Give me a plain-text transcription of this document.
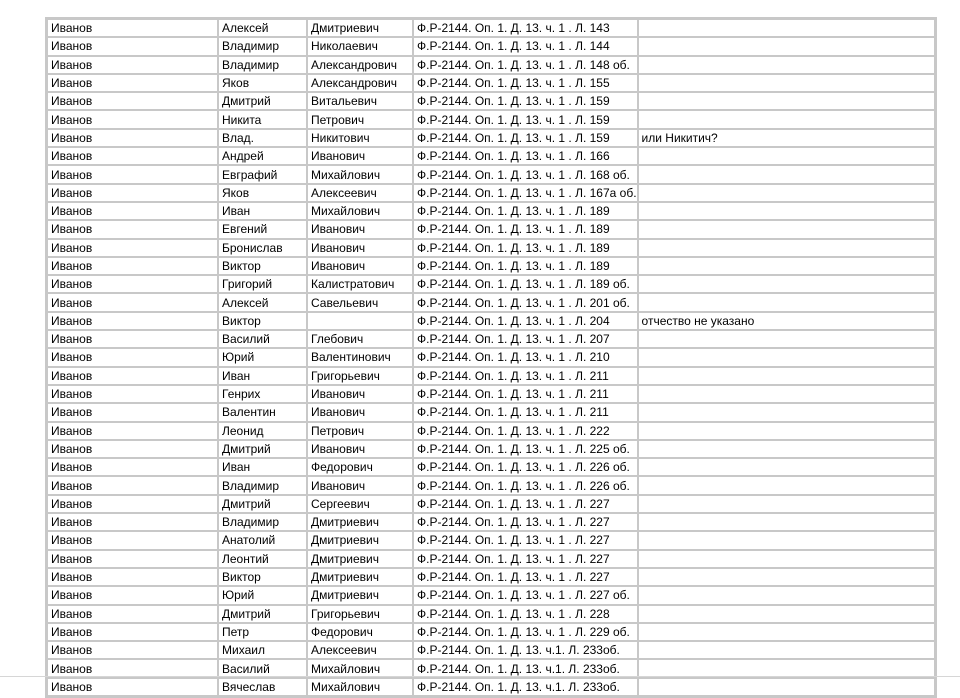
Иванов	Алексей	Дмитриевич	Ф.Р-2144. Оп. 1. Д. 13. ч. 1 . Л. 143	
Иванов	Владимир	Николаевич	Ф.Р-2144. Оп. 1. Д. 13. ч. 1 . Л. 144	
Иванов	Владимир	Александрович	Ф.Р-2144. Оп. 1. Д. 13. ч. 1 . Л. 148 об.	
Иванов	Яков	Александрович	Ф.Р-2144. Оп. 1. Д. 13. ч. 1 . Л. 155	
Иванов	Дмитрий	Витальевич	Ф.Р-2144. Оп. 1. Д. 13. ч. 1 . Л. 159	
Иванов	Никита	Петрович	Ф.Р-2144. Оп. 1. Д. 13. ч. 1 . Л. 159	
Иванов	Влад.	Никитович	Ф.Р-2144. Оп. 1. Д. 13. ч. 1 . Л. 159	или Никитич?
Иванов	Андрей	Иванович	Ф.Р-2144. Оп. 1. Д. 13. ч. 1 . Л. 166	
Иванов	Евграфий	Михайлович	Ф.Р-2144. Оп. 1. Д. 13. ч. 1 . Л. 168 об.	
Иванов	Яков	Алексеевич	Ф.Р-2144. Оп. 1. Д. 13. ч. 1 . Л. 167а об.	
Иванов	Иван	Михайлович	Ф.Р-2144. Оп. 1. Д. 13. ч. 1 . Л. 189	
Иванов	Евгений	Иванович	Ф.Р-2144. Оп. 1. Д. 13. ч. 1 . Л. 189	
Иванов	Бронислав	Иванович	Ф.Р-2144. Оп. 1. Д. 13. ч. 1 . Л. 189	
Иванов	Виктор	Иванович	Ф.Р-2144. Оп. 1. Д. 13. ч. 1 . Л. 189	
Иванов	Григорий	Калистратович	Ф.Р-2144. Оп. 1. Д. 13. ч. 1 . Л. 189 об.	
Иванов	Алексей	Савельевич	Ф.Р-2144. Оп. 1. Д. 13. ч. 1 . Л. 201 об.	
Иванов	Виктор		Ф.Р-2144. Оп. 1. Д. 13. ч. 1 . Л. 204	отчество не указано
Иванов	Василий	Глебович	Ф.Р-2144. Оп. 1. Д. 13. ч. 1 . Л. 207	
Иванов	Юрий	Валентинович	Ф.Р-2144. Оп. 1. Д. 13. ч. 1 . Л. 210	
Иванов	Иван	Григорьевич	Ф.Р-2144. Оп. 1. Д. 13. ч. 1 . Л. 211	
Иванов	Генрих	Иванович	Ф.Р-2144. Оп. 1. Д. 13. ч. 1 . Л. 211	
Иванов	Валентин	Иванович	Ф.Р-2144. Оп. 1. Д. 13. ч. 1 . Л. 211	
Иванов	Леонид	Петрович	Ф.Р-2144. Оп. 1. Д. 13. ч. 1 . Л. 222	
Иванов	Дмитрий	Иванович	Ф.Р-2144. Оп. 1. Д. 13. ч. 1 . Л. 225 об.	
Иванов	Иван	Федорович	Ф.Р-2144. Оп. 1. Д. 13. ч. 1 . Л. 226 об.	
Иванов	Владимир	Иванович	Ф.Р-2144. Оп. 1. Д. 13. ч. 1 . Л. 226 об.	
Иванов	Дмитрий	Сергеевич	Ф.Р-2144. Оп. 1. Д. 13. ч. 1 . Л. 227	
Иванов	Владимир	Дмитриевич	Ф.Р-2144. Оп. 1. Д. 13. ч. 1 . Л. 227	
Иванов	Анатолий	Дмитриевич	Ф.Р-2144. Оп. 1. Д. 13. ч. 1 . Л. 227	
Иванов	Леонтий	Дмитриевич	Ф.Р-2144. Оп. 1. Д. 13. ч. 1 . Л. 227	
Иванов	Виктор	Дмитриевич	Ф.Р-2144. Оп. 1. Д. 13. ч. 1 . Л. 227	
Иванов	Юрий	Дмитриевич	Ф.Р-2144. Оп. 1. Д. 13. ч. 1 . Л. 227 об.	
Иванов	Дмитрий	Григорьевич	Ф.Р-2144. Оп. 1. Д. 13. ч. 1 . Л. 228	
Иванов	Петр	Федорович	Ф.Р-2144. Оп. 1. Д. 13. ч. 1 . Л. 229 об.	
Иванов	Михаил	Алексеевич	Ф.Р-2144. Оп. 1. Д. 13. ч.1. Л. 233об.	
Иванов	Василий	Михайлович	Ф.Р-2144. Оп. 1. Д. 13. ч.1. Л. 233об.	
Иванов	Вячеслав	Михайлович	Ф.Р-2144. Оп. 1. Д. 13. ч.1. Л. 233об.	
